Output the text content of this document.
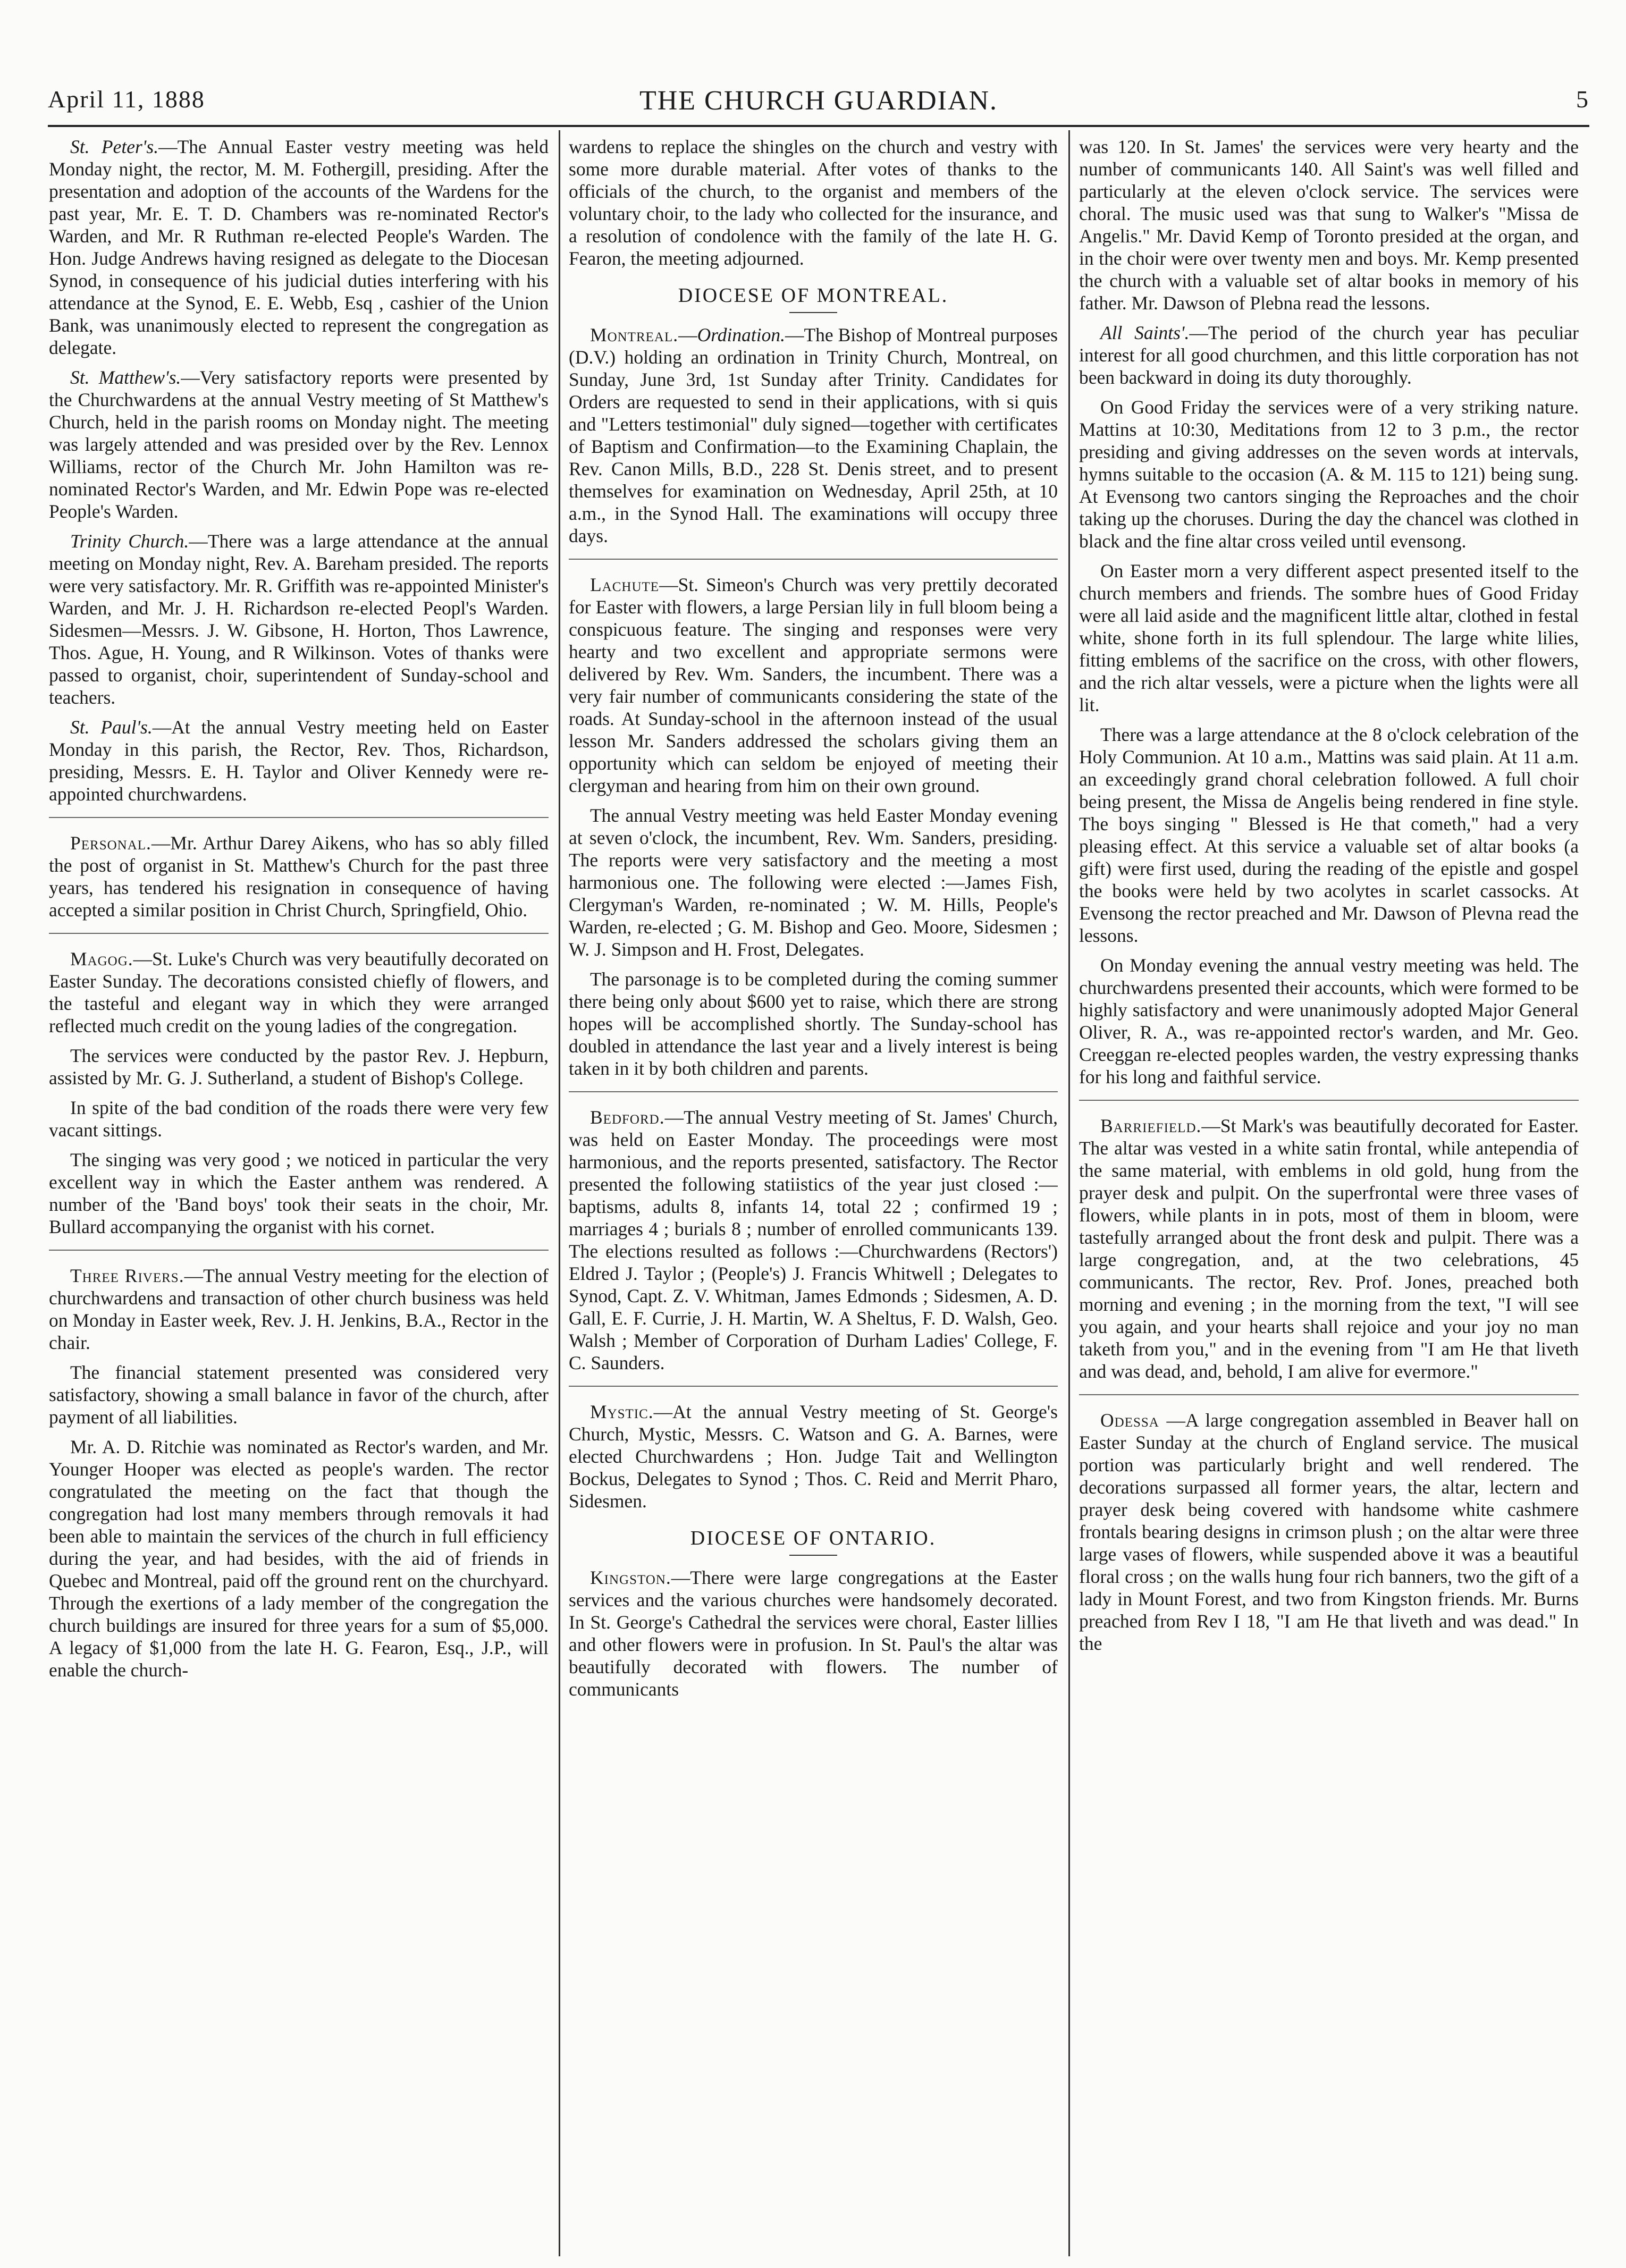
April 11, 1888	THE CHURCH GUARDIAN.	5

St. Peter's.—The Annual Easter vestry meeting was held Monday night, the rector, M. M. Fothergill, presiding. After the presentation and adoption of the accounts of the Wardens for the past year, Mr. E. T. D. Chambers was re-nominated Rector's Warden, and Mr. R Ruthman re-elected People's Warden. The Hon. Judge Andrews having resigned as delegate to the Diocesan Synod, in consequence of his judicial duties interfering with his attendance at the Synod, E. E. Webb, Esq , cashier of the Union Bank, was unanimously elected to represent the congregation as delegate.

St. Matthew's.—Very satisfactory reports were presented by the Churchwardens at the annual Vestry meeting of St Matthew's Church, held in the parish rooms on Monday night. The meeting was largely attended and was presided over by the Rev. Lennox Williams, rector of the Church Mr. John Hamilton was re-nominated Rector's Warden, and Mr. Edwin Pope was re-elected People's Warden.

Trinity Church.—There was a large attendance at the annual meeting on Monday night, Rev. A. Bareham presided. The reports were very satisfactory. Mr. R. Griffith was re-appointed Minister's Warden, and Mr. J. H. Richardson re-elected Peopl's Warden. Sidesmen—Messrs. J. W. Gibsone, H. Horton, Thos Lawrence, Thos. Ague, H. Young, and R Wilkinson. Votes of thanks were passed to organist, choir, superintendent of Sunday-school and teachers.

St. Paul's.—At the annual Vestry meeting held on Easter Monday in this parish, the Rector, Rev. Thos, Richardson, presiding, Messrs. E. H. Taylor and Oliver Kennedy were re-appointed churchwardens.

Personal.—Mr. Arthur Darey Aikens, who has so ably filled the post of organist in St. Matthew's Church for the past three years, has tendered his resignation in consequence of having accepted a similar position in Christ Church, Springfield, Ohio.

Magog.—St. Luke's Church was very beautifully decorated on Easter Sunday. The decorations consisted chiefly of flowers, and the tasteful and elegant way in which they were arranged reflected much credit on the young ladies of the congregation.

The services were conducted by the pastor Rev. J. Hepburn, assisted by Mr. G. J. Sutherland, a student of Bishop's College.

In spite of the bad condition of the roads there were very few vacant sittings.

The singing was very good ; we noticed in particular the very excellent way in which the Easter anthem was rendered. A number of the 'Band boys' took their seats in the choir, Mr. Bullard accompanying the organist with his cornet.

Three Rivers.—The annual Vestry meeting for the election of churchwardens and transaction of other church business was held on Monday in Easter week, Rev. J. H. Jenkins, B.A., Rector in the chair.

The financial statement presented was considered very satisfactory, showing a small balance in favor of the church, after payment of all liabilities.

Mr. A. D. Ritchie was nominated as Rector's warden, and Mr. Younger Hooper was elected as people's warden. The rector congratulated the meeting on the fact that though the congregation had lost many members through removals it had been able to maintain the services of the church in full efficiency during the year, and had besides, with the aid of friends in Quebec and Montreal, paid off the ground rent on the churchyard. Through the exertions of a lady member of the congregation the church buildings are insured for three years for a sum of $5,000. A legacy of $1,000 from the late H. G. Fearon, Esq., J.P., will enable the church-

wardens to replace the shingles on the church and vestry with some more durable material. After votes of thanks to the officials of the church, to the organist and members of the voluntary choir, to the lady who collected for the insurance, and a resolution of condolence with the family of the late H. G. Fearon, the meeting adjourned.

DIOCESE OF MONTREAL.

Montreal.—Ordination.—The Bishop of Montreal purposes (D.V.) holding an ordination in Trinity Church, Montreal, on Sunday, June 3rd, 1st Sunday after Trinity. Candidates for Orders are requested to send in their applications, with si quis and "Letters testimonial" duly signed—together with certificates of Baptism and Confirmation—to the Examining Chaplain, the Rev. Canon Mills, B.D., 228 St. Denis street, and to present themselves for examination on Wednesday, April 25th, at 10 a.m., in the Synod Hall. The examinations will occupy three days.

Lachute—St. Simeon's Church was very prettily decorated for Easter with flowers, a large Persian lily in full bloom being a conspicuous feature. The singing and responses were very hearty and two excellent and appropriate sermons were delivered by Rev. Wm. Sanders, the incumbent. There was a very fair number of communicants considering the state of the roads. At Sunday-school in the afternoon instead of the usual lesson Mr. Sanders addressed the scholars giving them an opportunity which can seldom be enjoyed of meeting their clergyman and hearing from him on their own ground.

The annual Vestry meeting was held Easter Monday evening at seven o'clock, the incumbent, Rev. Wm. Sanders, presiding. The reports were very satisfactory and the meeting a most harmonious one. The following were elected :—James Fish, Clergyman's Warden, re-nominated ; W. M. Hills, People's Warden, re-elected ; G. M. Bishop and Geo. Moore, Sidesmen ; W. J. Simpson and H. Frost, Delegates.

The parsonage is to be completed during the coming summer there being only about $600 yet to raise, which there are strong hopes will be accomplished shortly. The Sunday-school has doubled in attendance the last year and a lively interest is being taken in it by both children and parents.

Bedford.—The annual Vestry meeting of St. James' Church, was held on Easter Monday. The proceedings were most harmonious, and the reports presented, satisfactory. The Rector presented the following statiistics of the year just closed :—baptisms, adults 8, infants 14, total 22 ; confirmed 19 ; marriages 4 ; burials 8 ; number of enrolled communicants 139. The elections resulted as follows :—Churchwardens (Rectors') Eldred J. Taylor ; (People's) J. Francis Whitwell ; Delegates to Synod, Capt. Z. V. Whitman, James Edmonds ; Sidesmen, A. D. Gall, E. F. Currie, J. H. Martin, W. A Sheltus, F. D. Walsh, Geo. Walsh ; Member of Corporation of Durham Ladies' College, F. C. Saunders.

Mystic.—At the annual Vestry meeting of St. George's Church, Mystic, Messrs. C. Watson and G. A. Barnes, were elected Churchwardens ; Hon. Judge Tait and Wellington Bockus, Delegates to Synod ; Thos. C. Reid and Merrit Pharo, Sidesmen.

DIOCESE OF ONTARIO.

Kingston.—There were large congregations at the Easter services and the various churches were handsomely decorated. In St. George's Cathedral the services were choral, Easter lillies and other flowers were in profusion. In St. Paul's the altar was beautifully decorated with flowers. The number of communicants

was 120. In St. James' the services were very hearty and the number of communicants 140. All Saint's was well filled and particularly at the eleven o'clock service. The services were choral. The music used was that sung to Walker's "Missa de Angelis." Mr. David Kemp of Toronto presided at the organ, and in the choir were over twenty men and boys. Mr. Kemp presented the church with a valuable set of altar books in memory of his father. Mr. Dawson of Plebna read the lessons.

All Saints'.—The period of the church year has peculiar interest for all good churchmen, and this little corporation has not been backward in doing its duty thoroughly.

On Good Friday the services were of a very striking nature. Mattins at 10:30, Meditations from 12 to 3 p.m., the rector presiding and giving addresses on the seven words at intervals, hymns suitable to the occasion (A. & M. 115 to 121) being sung. At Evensong two cantors singing the Reproaches and the choir taking up the choruses. During the day the chancel was clothed in black and the fine altar cross veiled until evensong.

On Easter morn a very different aspect presented itself to the church members and friends. The sombre hues of Good Friday were all laid aside and the magnificent little altar, clothed in festal white, shone forth in its full splendour. The large white lilies, fitting emblems of the sacrifice on the cross, with other flowers, and the rich altar vessels, were a picture when the lights were all lit.

There was a large attendance at the 8 o'clock celebration of the Holy Communion. At 10 a.m., Mattins was said plain. At 11 a.m. an exceedingly grand choral celebration followed. A full choir being present, the Missa de Angelis being rendered in fine style. The boys singing " Blessed is He that cometh," had a very pleasing effect. At this service a valuable set of altar books (a gift) were first used, during the reading of the epistle and gospel the books were held by two acolytes in scarlet cassocks. At Evensong the rector preached and Mr. Dawson of Plevna read the lessons.

On Monday evening the annual vestry meeting was held. The churchwardens presented their accounts, which were formed to be highly satisfactory and were unanimously adopted Major General Oliver, R. A., was re-appointed rector's warden, and Mr. Geo. Creeggan re-elected peoples warden, the vestry expressing thanks for his long and faithful service.

Barriefield.—St Mark's was beautifully decorated for Easter. The altar was vested in a white satin frontal, while antependia of the same material, with emblems in old gold, hung from the prayer desk and pulpit. On the superfrontal were three vases of flowers, while plants in in pots, most of them in bloom, were tastefully arranged about the front desk and pulpit. There was a large congregation, and, at the two celebrations, 45 communicants. The rector, Rev. Prof. Jones, preached both morning and evening ; in the morning from the text, "I will see you again, and your hearts shall rejoice and your joy no man taketh from you," and in the evening from "I am He that liveth and was dead, and, behold, I am alive for evermore."

Odessa —A large congregation assembled in Beaver hall on Easter Sunday at the church of England service. The musical portion was particularly bright and well rendered. The decorations surpassed all former years, the altar, lectern and prayer desk being covered with handsome white cashmere frontals bearing designs in crimson plush ; on the altar were three large vases of flowers, while suspended above it was a beautiful floral cross ; on the walls hung four rich banners, two the gift of a lady in Mount Forest, and two from Kingston friends. Mr. Burns preached from Rev I 18, "I am He that liveth and was dead." In the
